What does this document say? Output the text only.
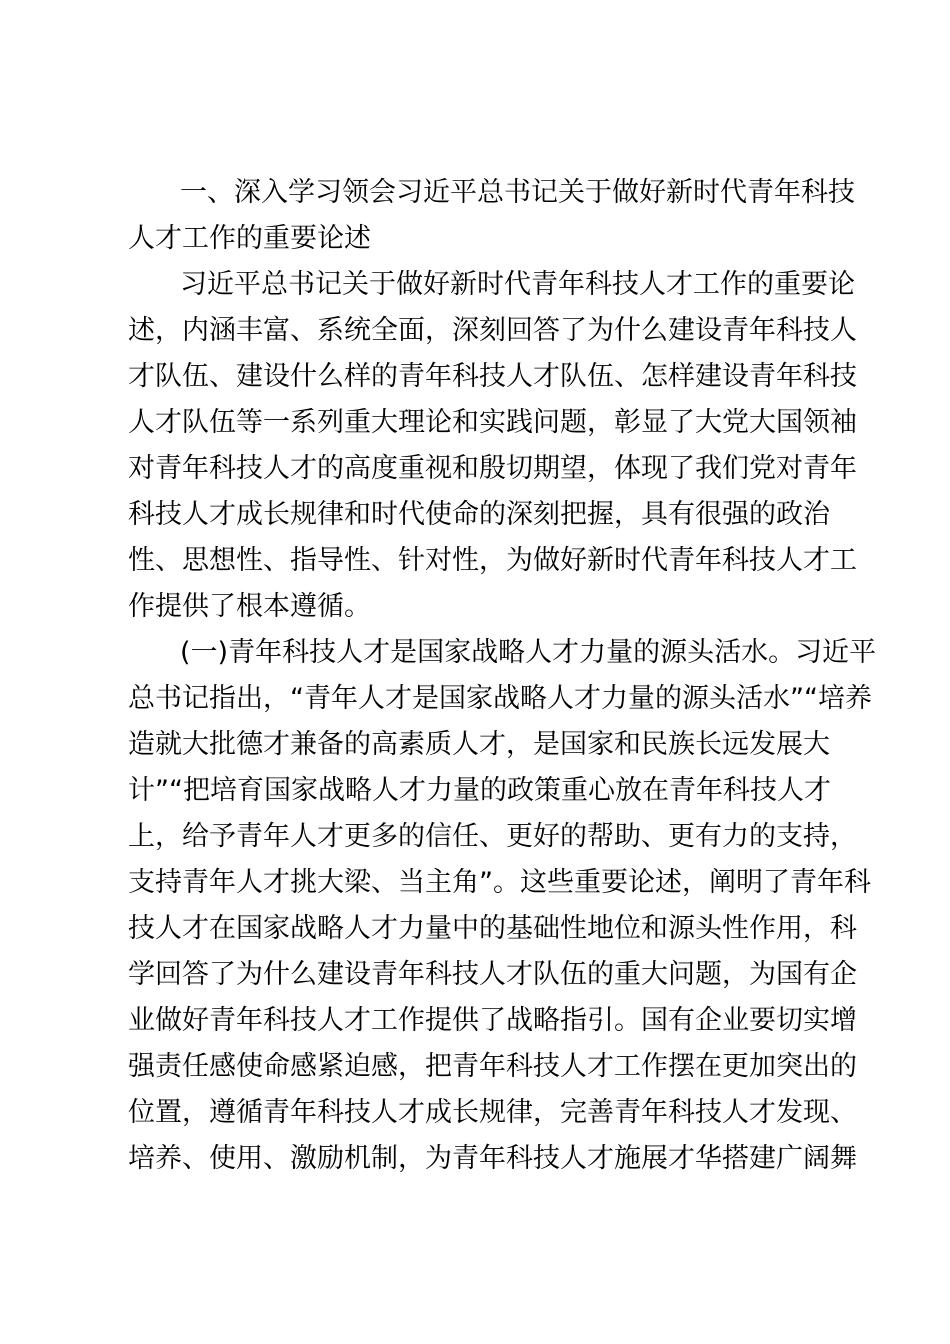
一、深入学习领会习近平总书记关于做好新时代青年科技
人才工作的重要论述
习近平总书记关于做好新时代青年科技人才工作的重要论
述，内涵丰富、系统全面，深刻回答了为什么建设青年科技人
才队伍、建设什么样的青年科技人才队伍、怎样建设青年科技
人才队伍等一系列重大理论和实践问题，彰显了大党大国领袖
对青年科技人才的高度重视和殷切期望，体现了我们党对青年
科技人才成长规律和时代使命的深刻把握，具有很强的政治
性、思想性、指导性、针对性，为做好新时代青年科技人才工
作提供了根本遵循。
(一)青年科技人才是国家战略人才力量的源头活水。习近平
总书记指出，“青年人才是国家战略人才力量的源头活水”“培养
造就大批德才兼备的高素质人才，是国家和民族长远发展大
计”“把培育国家战略人才力量的政策重心放在青年科技人才
上，给予青年人才更多的信任、更好的帮助、更有力的支持，
支持青年人才挑大梁、当主角”。这些重要论述，阐明了青年科
技人才在国家战略人才力量中的基础性地位和源头性作用，科
学回答了为什么建设青年科技人才队伍的重大问题，为国有企
业做好青年科技人才工作提供了战略指引。国有企业要切实增
强责任感使命感紧迫感，把青年科技人才工作摆在更加突出的
位置，遵循青年科技人才成长规律，完善青年科技人才发现、
培养、使用、激励机制，为青年科技人才施展才华搭建广阔舞
